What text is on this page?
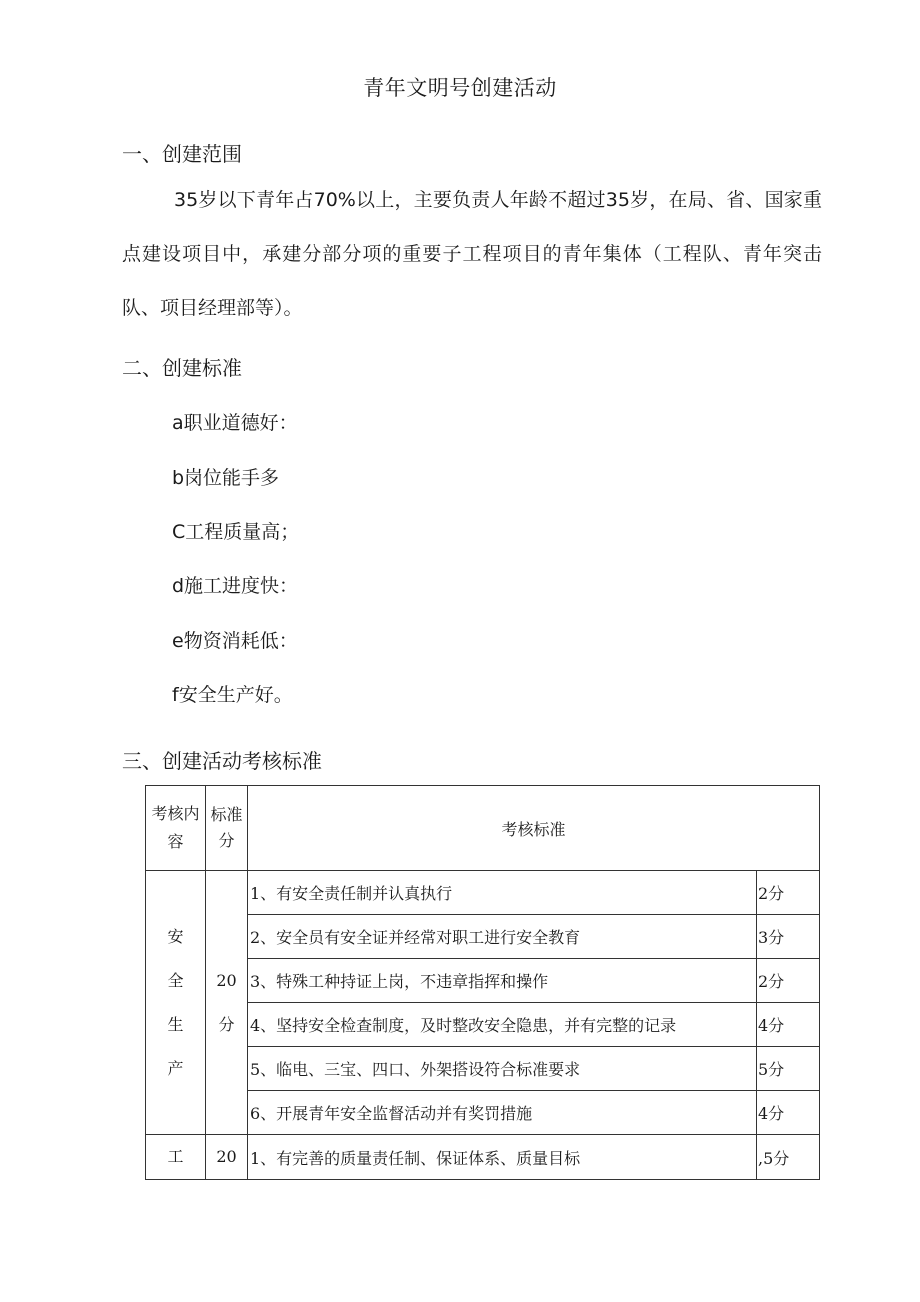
青年文明号创建活动
一、创建范围
35岁以下青年占70%以上，主要负责人年龄不超过35岁，在局、省、国家重点建设项目中，承建分部分项的重要子工程项目的青年集体（工程队、青年突击队、项目经理部等）。
二、创建标准
a职业道德好：
b岗位能手多
C工程质量高；
d施工进度快：
e物资消耗低：
f安全生产好。
三、创建活动考核标准
考核内容	标准分	考核标准	

安全生产	20分	1、有安全责任制并认真执行	2分
		2、安全员有安全证并经常对职工进行安全教育	3分
		3、特殊工种持证上岗，不违章指挥和操作	2分
		4、坚持安全检查制度，及时整改安全隐患，并有完整的记录	4分
		5、临电、三宝、四口、外架搭设符合标准要求	5分
		6、开展青年安全监督活动并有奖罚措施	4分
工	20	1、有完善的质量责任制、保证体系、质量目标	,5分
